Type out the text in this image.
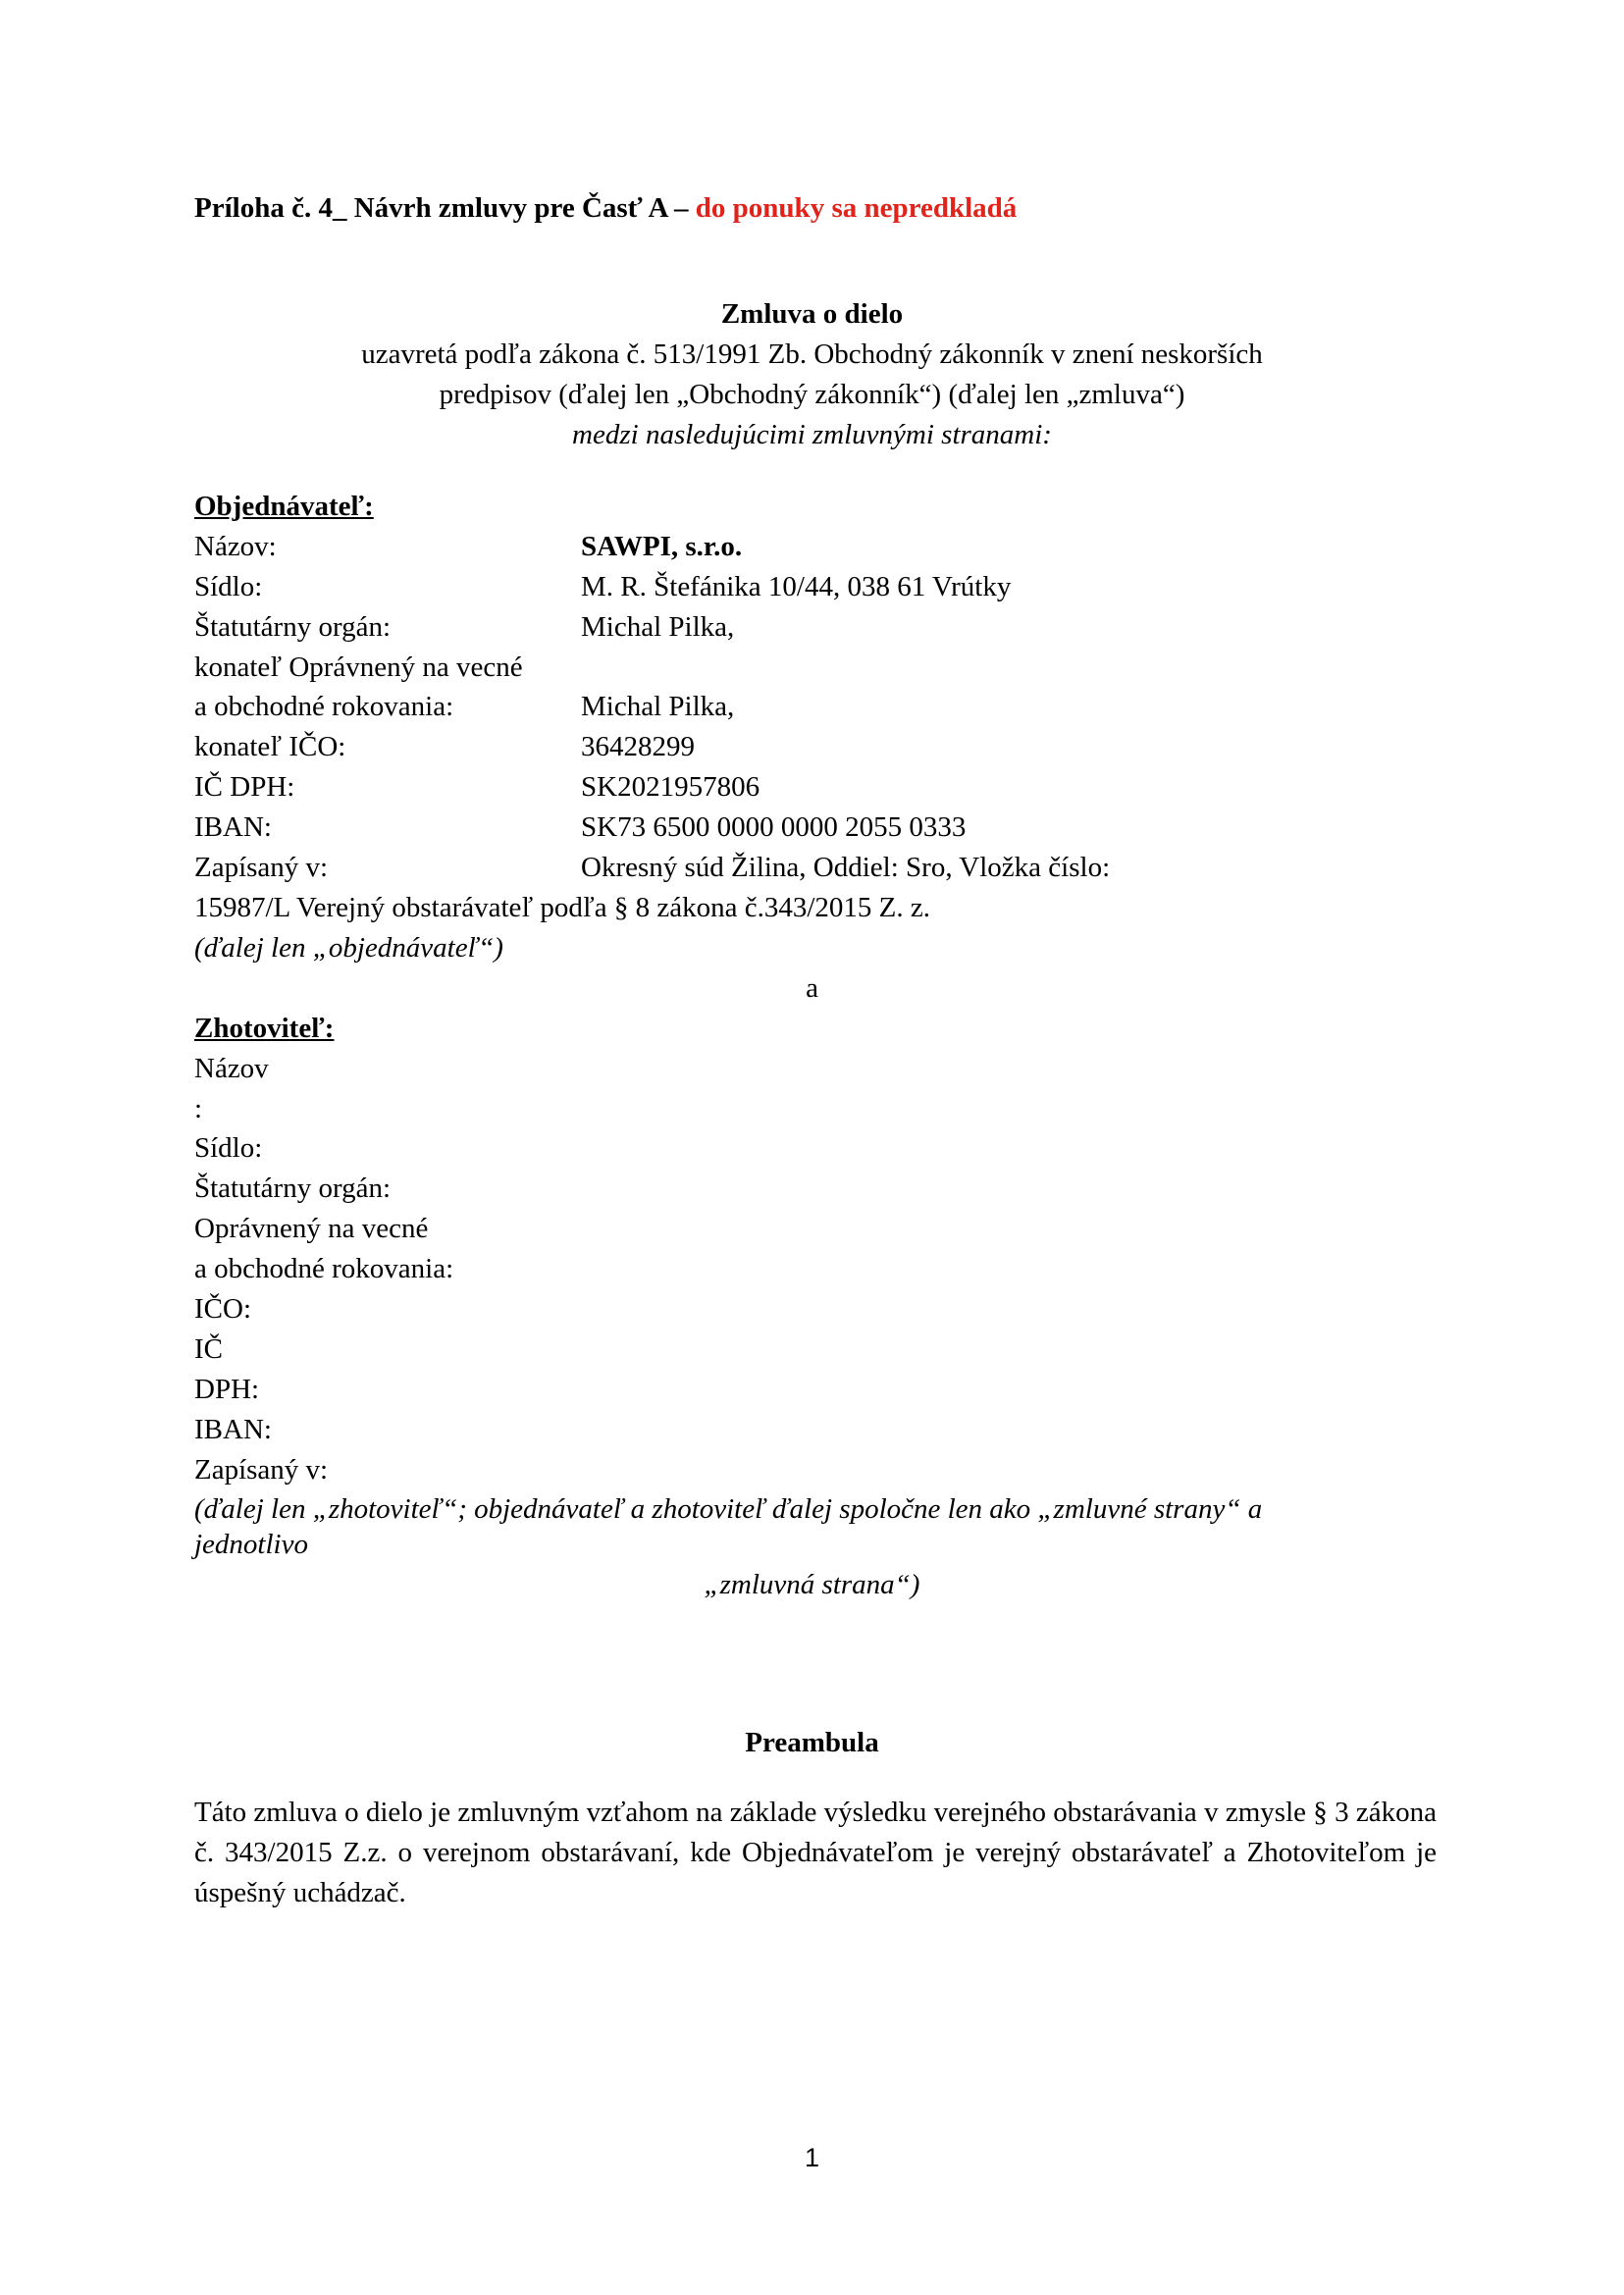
Príloha č. 4_ Návrh zmluvy pre Časť A – do ponuky sa nepredkladá
Zmluva o dielo
uzavretá podľa zákona č. 513/1991 Zb. Obchodný zákonník v znení neskorších
predpisov (ďalej len „Obchodný zákonník“) (ďalej len „zmluva“)
medzi nasledujúcimi zmluvnými stranami:
Objednávateľ:
Názov:	SAWPI, s.r.o.
Sídlo:	M. R. Štefánika 10/44, 038 61 Vrútky
Štatutárny orgán:	Michal Pilka,
konateľ Oprávnený na vecné
a obchodné rokovania:	Michal Pilka,
konateľ IČO:	36428299
IČ DPH:	SK2021957806
IBAN:	SK73 6500 0000 0000 2055 0333
Zapísaný v:	Okresný súd Žilina, Oddiel: Sro, Vložka číslo:
15987/L Verejný obstarávateľ podľa § 8 zákona č.343/2015 Z. z.
(ďalej len „objednávateľ“)
a
Zhotoviteľ:
Názov
:
Sídlo:
Štatutárny orgán:
Oprávnený na vecné
a obchodné rokovania:
IČO:
IČ
DPH:
IBAN:
Zapísaný v:
(ďalej len „zhotoviteľ“; objednávateľ a zhotoviteľ ďalej spoločne len ako „zmluvné strany“ a
jednotlivo
„zmluvná strana“)
Preambula
Táto zmluva o dielo je zmluvným vzťahom na základe výsledku verejného obstarávania v zmysle § 3 zákona č. 343/2015 Z.z. o verejnom obstarávaní, kde Objednávateľom je verejný obstarávateľ a Zhotoviteľom je úspešný uchádzač.
1
